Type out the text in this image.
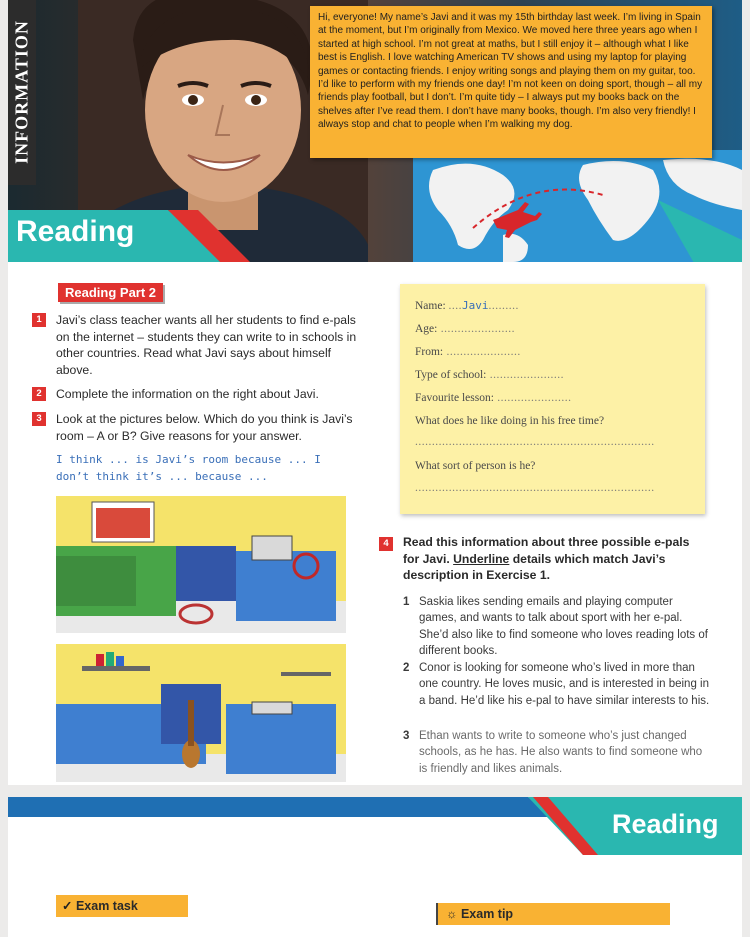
INFORMATION
Reading
Hi, everyone! My name’s Javi and it was my 15th birthday last week. I’m living in Spain at the moment, but I’m originally from Mexico. We moved here three years ago when I started at high school. I’m not great at maths, but I still enjoy it – although what I like best is English. I love watching American TV shows and using my laptop for playing games or contacting friends. I enjoy writing songs and playing them on my guitar, too. I’d like to perform with my friends one day! I’m not keen on doing sport, though – all my friends play football, but I don’t. I’m quite tidy – I always put my books back on the shelves after I’ve read them. I don’t have many books, though. I’m also very friendly! I always stop and chat to people when I’m walking my dog.
Reading Part 2
1	Javi’s class teacher wants all her students to find e-pals on the internet – students they can write to in schools in other countries. Read what Javi says about himself above.
2	Complete the information on the right about Javi.
3	Look at the pictures below. Which do you think is Javi’s room – A or B? Give reasons for your answer.
I think ... is Javi’s room because ... I don’t think it’s ... because ...
Name: ....Javi.........
Age: ......................
From: ......................
Type of school: ......................
Favourite lesson: ......................
What does he like doing in his free time?
.......................................................................
What sort of person is he?
.......................................................................
4	Read this information about three possible e-pals for Javi. Underline details which match Javi’s description in Exercise 1.
1 Saskia likes sending emails and playing computer games, and wants to talk about sport with her e-pal. She’d also like to find someone who loves reading lots of different books.
2 Conor is looking for someone who’s lived in more than one country. He loves music, and is interested in being in a band. He’d like his e-pal to have similar interests to his.
3 Ethan wants to write to someone who’s just changed schools, as he has. He also wants to find someone who is friendly and likes animals.
Reading
✓ Exam task
☼ Exam tip
